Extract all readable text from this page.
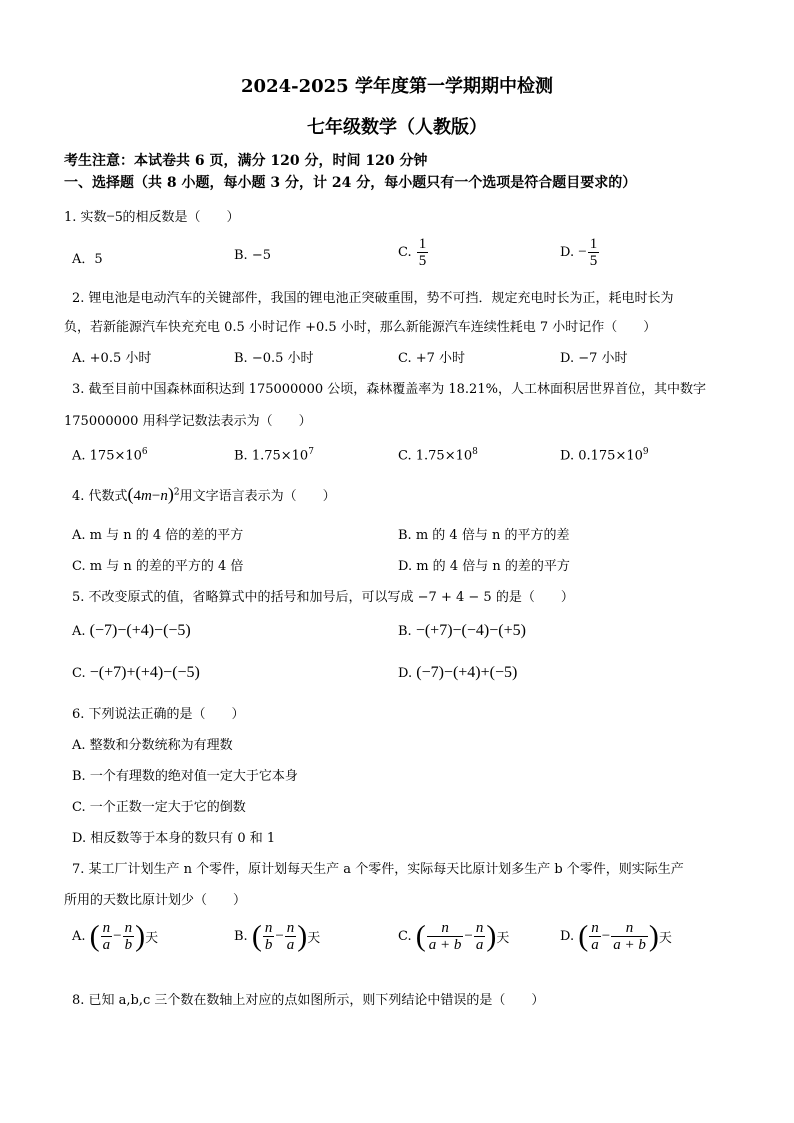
2024-2025 学年度第一学期期中检测
七年级数学（人教版）
考生注意：本试卷共 6 页，满分 120 分，时间 120 分钟
一、选择题（共 8 小题，每小题 3 分，计 24 分，每小题只有一个选项是符合题目要求的）
1. 实数−5的相反数是（　　）
A．5	B. −5	C. $\frac{1}{5}$	D. − $\frac{1}{5}$
2. 锂电池是电动汽车的关键部件，我国的锂电池正突破重围，势不可挡．规定充电时长为正，耗电时长为
负，若新能源汽车快充充电 0.5 小时记作 +0.5 小时，那么新能源汽车连续性耗电 7 小时记作（　　）
A. +0.5 小时	B. −0.5 小时	C. +7 小时	D. −7 小时
3. 截至目前中国森林面积达到 175000000 公顷，森林覆盖率为 18.21%，人工林面积居世界首位，其中数字
175000000 用科学记数法表示为（　　）
A. $175\times 10^6$	B. $1.75\times 10^7$	C. $1.75\times 10^8$	D. $0.175\times 10^9$
4. 代数式$(4m-n)^2$用文字语言表示为（　　）
A. m 与 n 的 4 倍的差的平方	B. m 的 4 倍与 n 的平方的差
C. m 与 n 的差的平方的 4 倍	D. m 的 4 倍与 n 的差的平方
5. 不改变原式的值，省略算式中的括号和加号后，可以写成 −7 + 4 − 5 的是（　　）
A. (−7)−(+4)−(−5)	B. −(+7)−(−4)−(+5)
C. −(+7)+(+4)−(−5)	D. (−7)−(+4)+(−5)
6. 下列说法正确的是（　　）
A. 整数和分数统称为有理数
B. 一个有理数的绝对值一定大于它本身
C. 一个正数一定大于它的倒数
D. 相反数等于本身的数只有 0 和 1
7. 某工厂计划生产 n 个零件，原计划每天生产 a 个零件，实际每天比原计划多生产 b 个零件，则实际生产
所用的天数比原计划少（　　）
A. ( $\frac{n}{a} - \frac{n}{b}$ )天	B. ( $\frac{n}{b} - \frac{n}{a}$ )天	C. ( $\frac{n}{a + b} - \frac{n}{a}$ )天	D. ( $\frac{n}{a} - \frac{n}{a + b}$ )天
8. 已知 a,b,c 三个数在数轴上对应的点如图所示，则下列结论中错误的是（　　）
